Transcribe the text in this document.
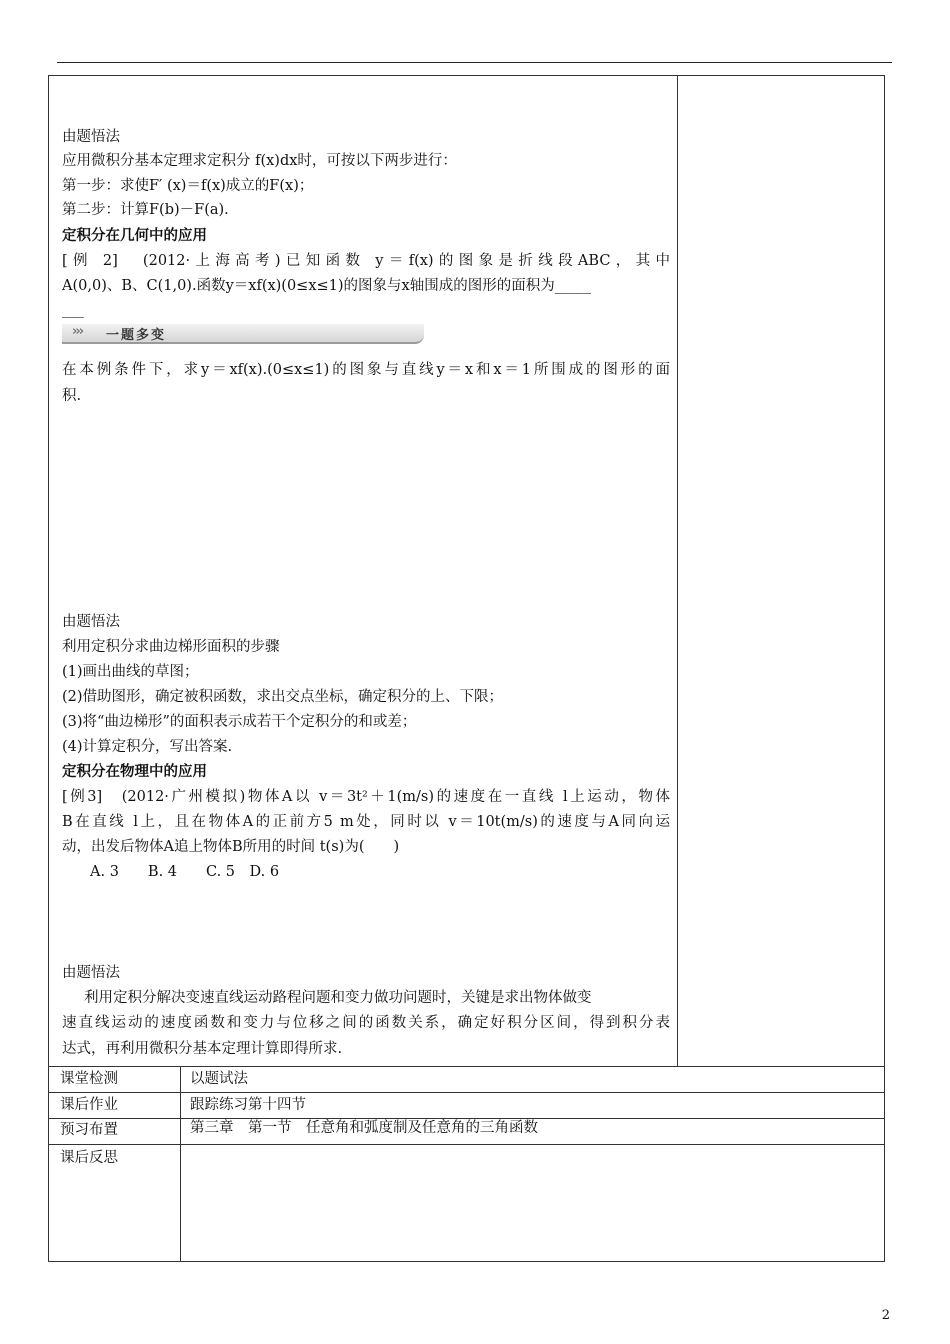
由题悟法
应用微积分基本定理求定积分 f(x)dx时，可按以下两步进行：
第一步：求使F′ (x)＝f(x)成立的F(x)；
第二步：计算F(b)－F(a).
定积分在几何中的应用
[例 2]　(2012·上海高考)已知函数 y＝f(x)的图象是折线段ABC，其中
A(0,0)、B、C(1,0).函数y＝xf(x)(0≤x≤1)的图象与x轴围成的图形的面积为_____
___
››› 一题多变
在本例条件下，求y＝xf(x).(0≤x≤1)的图象与直线y＝x和x＝1所围成的图形的面
积.
由题悟法
利用定积分求曲边梯形面积的步骤
(1)画出曲线的草图；
(2)借助图形，确定被积函数，求出交点坐标，确定积分的上、下限；
(3)将“曲边梯形”的面积表示成若干个定积分的和或差；
(4)计算定积分，写出答案.
定积分在物理中的应用
[例3]　(2012·广州模拟)物体A以 v＝3t²＋1(m/s)的速度在一直线 l上运动，物体
B在直线 l上，且在物体A的正前方5 m处，同时以 v＝10t(m/s)的速度与A同向运
动，出发后物体A追上物体B所用的时间 t(s)为(　　)
A. 3　　B. 4　　C. 5　D. 6
由题悟法
利用定积分解决变速直线运动路程问题和变力做功问题时，关键是求出物体做变
速直线运动的速度函数和变力与位移之间的函数关系，确定好积分区间，得到积分表
达式，再利用微积分基本定理计算即得所求.
课堂检测	以题试法
课后作业	跟踪练习第十四节
预习布置	第三章　第一节　任意角和弧度制及任意角的三角函数
课后反思
2
